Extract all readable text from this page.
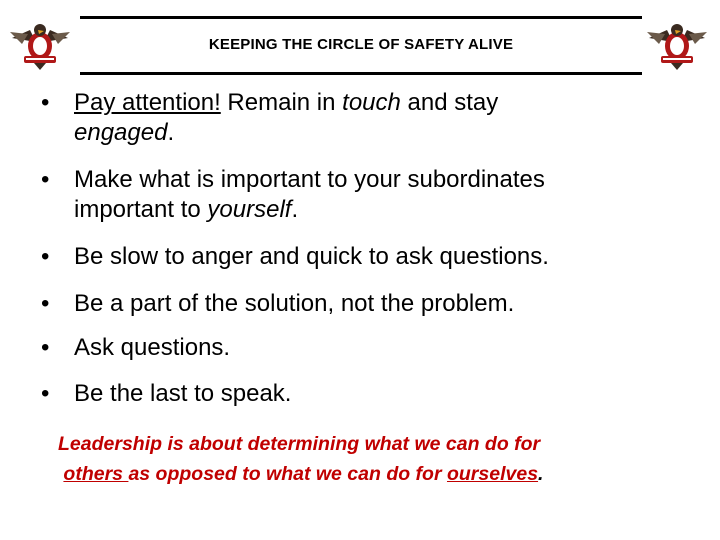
KEEPING THE CIRCLE OF SAFETY ALIVE
• Pay attention! Remain in touch and stay
engaged.
• Make what is important to your subordinates
important to yourself.
• Be slow to anger and quick to ask questions.
• Be a part of the solution, not the problem.
• Ask questions.
• Be the last to speak.
Leadership is about determining what we can do for
others as opposed to what we can do for ourselves.
